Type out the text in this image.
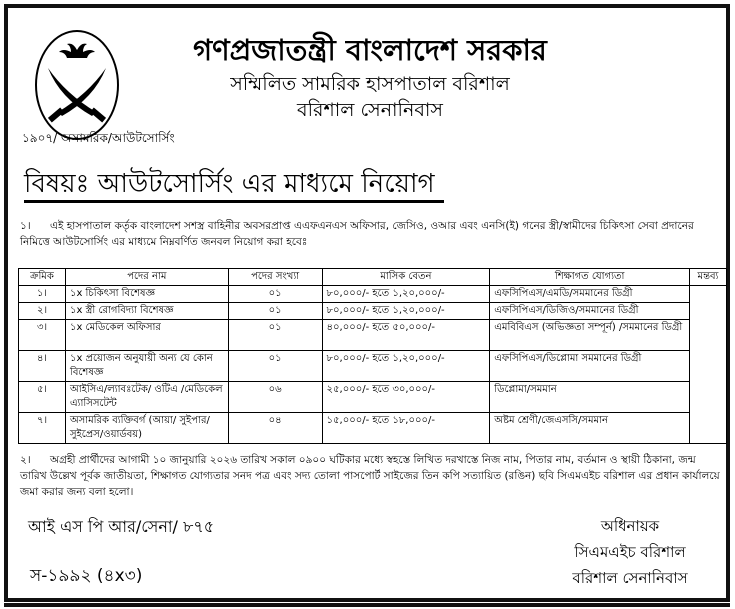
গণপ্রজাতন্ত্রী বাংলাদেশ সরকার
সম্মিলিত সামরিক হাসপাতাল বরিশাল
বরিশাল সেনানিবাস
১৯০৭/ অসামরিক/আউটসোর্সিং
বিষয়ঃ আউটসোর্সিং এর মাধ্যমে নিয়োগ
১। এই হাসপাতাল কর্তৃক বাংলাদেশ সশস্ত্র বাহিনীর অবসরপ্রাপ্ত এএফএনএস অফিসার, জেসিও, ওআর এবং এনসি(ই) গনের স্ত্রী/স্বামীদের চিকিৎসা সেবা প্রদানের নিমিত্তে আউটসোর্সিং এর মাধ্যমে নিম্নবর্ণিত জনবল নিয়োগ করা হবেঃ
ক্রমিক	পদের নাম	পদের সংখ্যা	মাসিক বেতন	শিক্ষাগত যোগ্যতা	মন্তব্য
১।	১x চিকিৎসা বিশেষজ্ঞ	০১	৮০,০০০/- হতে ১,২০,০০০/-	এফসিপিএস/এমডি/সমমানের ডিগ্রী	
২।	১x স্ত্রী রোগবিদ্যা বিশেষজ্ঞ	০১	৮০,০০০/- হতে ১,২০,০০০/-	এফসিপিএস/ডিজিও/সমমানের ডিগ্রী	
৩।	১x মেডিকেল অফিসার	০১	৪০,০০০/- হতে ৫০,০০০/-	এমবিবিএস (অভিজ্ঞতা সম্পূর্ন) /সমমানের ডিগ্রী	
৪।	১x প্রয়োজন অনুযায়ী অন্য যে কোন বিশেষজ্ঞ	০১	৮০,০০০/- হতে ১,২০,০০০/-	এফসিপিএস/ডিপ্লোমা সমমানের ডিগ্রী	
৫।	আইসিএ/ল্যাবঃটেক/ ওটিএ /মেডিকেল এ্যাসিসটেন্ট	০৬	২৫,০০০/- হতে ৩০,০০০/-	ডিপ্লোমা/সমমান	
৭।	অসামরিক ব্যক্তিবর্গ (আয়া/ সুইপার/সুইপ্রেস/ওয়ার্ডবয়)	০৪	১৫,০০০/- হতে ১৮,০০০/-	অষ্টম শ্রেণী/জেএসসি/সমমান	
২। অগ্রহী প্রার্থীদের আগামী ১০ জানুয়ারি ২০২৬ তারিখ সকাল ০৯০০ ঘটিকার মধ্যে স্বহস্তে লিখিত দরখাস্তে নিজ নাম, পিতার নাম, বর্তমান ও স্থায়ী ঠিকানা, জন্ম তারিখ উল্লেখ পূর্বক জাতীয়তা, শিক্ষাগত যোগ্যতার সনদ পত্র এবং সদ্য তোলা পাসপোর্ট সাইজের তিন কপি সত্যায়িত (রঙিন) ছবি সিএমএইচ বরিশাল এর প্রধান কার্যালয়ে জমা করার জন্য বলা হলো।
আই এস পি আর/সেনা/ ৮৭৫
স-১৯৯২ (৪x৩)
অধিনায়ক
সিএমএইচ বরিশাল
বরিশাল সেনানিবাস
